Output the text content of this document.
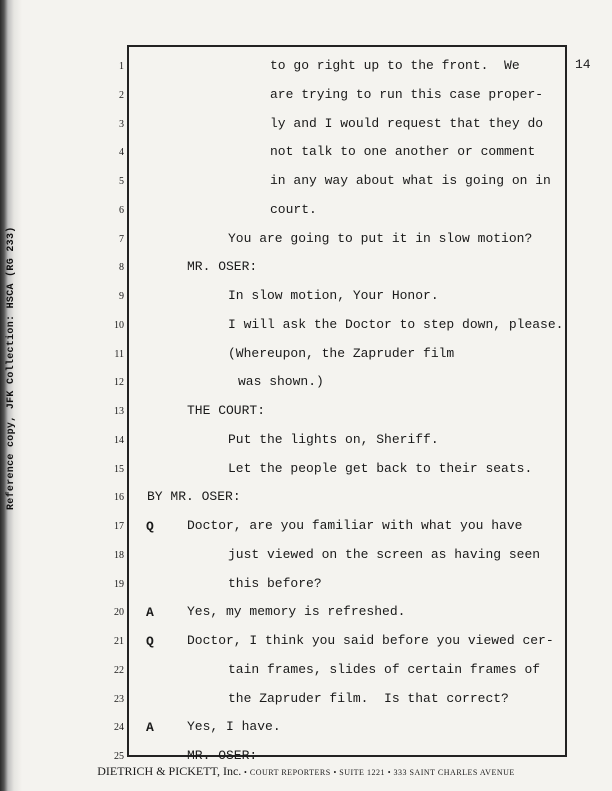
Reference copy, JFK Collection: HSCA (RG 233)
14
1	to go right up to the front.  We
2	are trying to run this case proper-
3	ly and I would request that they do
4	not talk to one another or comment
5	in any way about what is going on in
6	court.
7	You are going to put it in slow motion?
8	MR. OSER:
9	In slow motion, Your Honor.
10	I will ask the Doctor to step down, please.
11	(Whereupon, the Zapruder film
12	was shown.)
13	THE COURT:
14	Put the lights on, Sheriff.
15	Let the people get back to their seats.
16 BY MR. OSER:
17 Q	Doctor, are you familiar with what you have
18	just viewed on the screen as having seen
19	this before?
20 A	Yes, my memory is refreshed.
21 Q	Doctor, I think you said before you viewed cer-
22	tain frames, slides of certain frames of
23	the Zapruder film.  Is that correct?
24 A	Yes, I have.
25	MR. OSER:
DIETRICH & PICKETT, Inc. • COURT REPORTERS • SUITE 1221 • 333 SAINT CHARLES AVENUE
